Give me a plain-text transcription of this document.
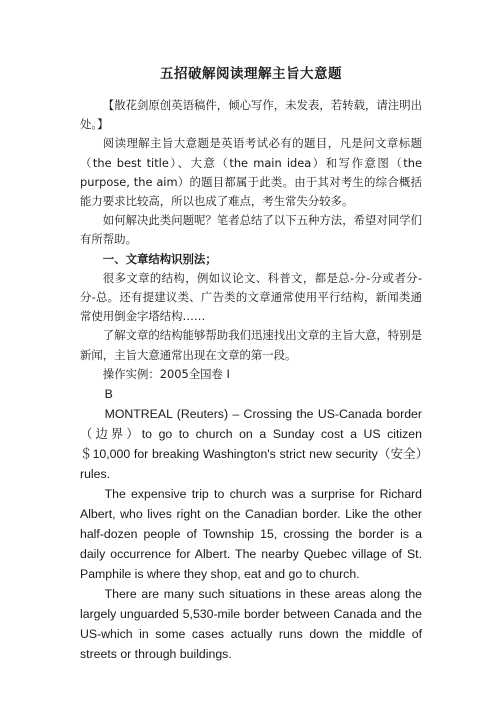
五招破解阅读理解主旨大意题

【散花剑原创英语稿件，倾心写作，未发表，若转载，请注明出处。】

阅读理解主旨大意题是英语考试必有的题目，凡是问文章标题（the best title）、大意（the main idea）和写作意图（the purpose, the aim）的题目都属于此类。由于其对考生的综合概括能力要求比较高，所以也成了难点，考生常失分较多。

如何解决此类问题呢？笔者总结了以下五种方法，希望对同学们有所帮助。

一、文章结构识别法；

很多文章的结构，例如议论文、科普文，都是总-分-分或者分-分-总。还有提建议类、广告类的文章通常使用平行结构，新闻类通常使用倒金字塔结构……

了解文章的结构能够帮助我们迅速找出文章的主旨大意，特别是新闻，主旨大意通常出现在文章的第一段。

操作实例：2005全国卷 I

B

MONTREAL (Reuters) – Crossing the US-Canada border（边界）to go to church on a Sunday cost a US citizen ＄10,000 for breaking Washington's strict new security（安全）rules.

The expensive trip to church was a surprise for Richard Albert, who lives right on the Canadian border. Like the other half-dozen people of Township 15, crossing the border is a daily occurrence for Albert. The nearby Quebec village of St. Pamphile is where they shop, eat and go to church.

There are many such situations in these areas along the largely unguarded 5,530-mile border between Canada and the US-which in some cases actually runs down the middle of streets or through buildings.
